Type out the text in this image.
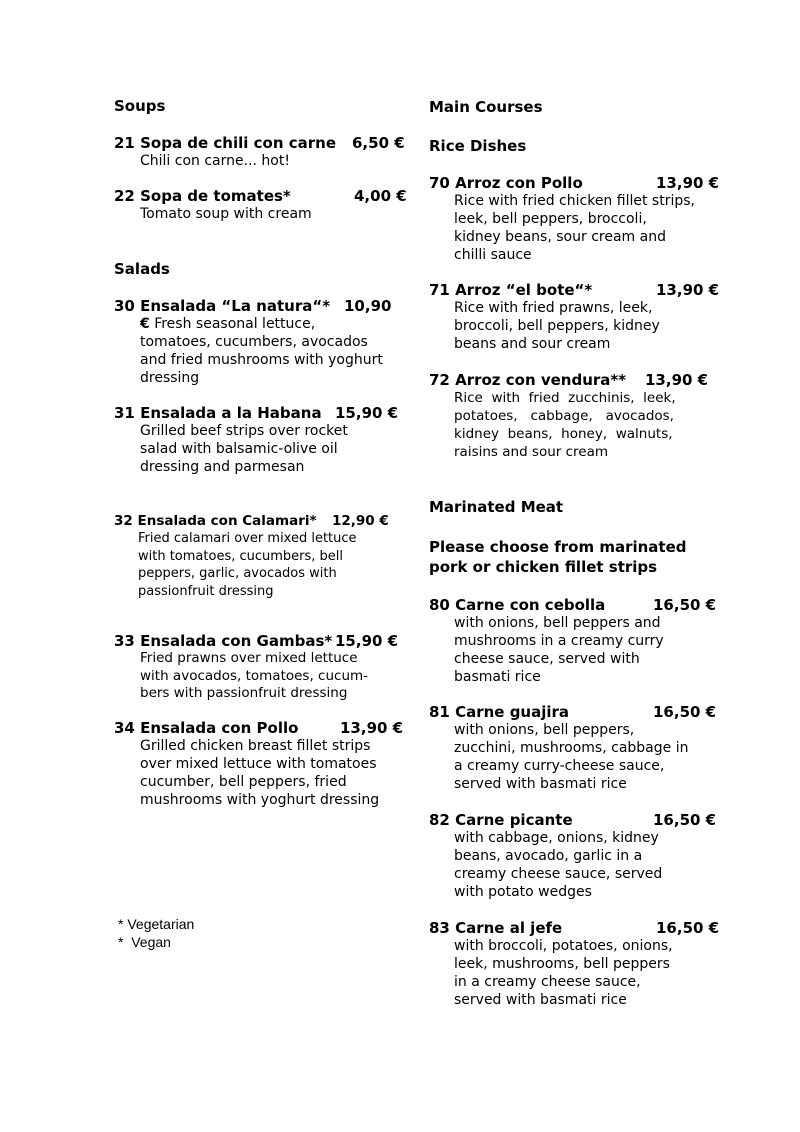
Soups
21 Sopa de chili con carne 6,50 €
Chili con carne... hot!
22 Sopa de tomates*	4,00 €
Tomato soup with cream
Salads
30 Ensalada “La natura“* 10,90
€ Fresh seasonal lettuce,
tomatoes, cucumbers, avocados
and fried mushrooms with yoghurt
dressing
31 Ensalada a la Habana 15,90 €
Grilled beef strips over rocket
salad with balsamic-olive oil
dressing and parmesan
32 Ensalada con Calamari* 12,90 €
Fried calamari over mixed lettuce
with tomatoes, cucumbers, bell
peppers, garlic, avocados with
passionfruit dressing
33 Ensalada con Gambas* 15,90 €
Fried prawns over mixed lettuce
with avocados, tomatoes, cucum-
bers with passionfruit dressing
34 Ensalada con Pollo	13,90 €
Grilled chicken breast fillet strips
over mixed lettuce with tomatoes
cucumber, bell peppers, fried
mushrooms with yoghurt dressing
* Vegetarian
*  Vegan
Main Courses
Rice Dishes
70 Arroz con Pollo	13,90 €
Rice with fried chicken fillet strips,
leek, bell peppers, broccoli,
kidney beans, sour cream and
chilli sauce
71 Arroz “el bote“*	13,90 €
Rice with fried prawns, leek,
broccoli, bell peppers, kidney
beans and sour cream
72 Arroz con vendura** 13,90 €
Rice  with  fried  zucchinis,  leek,
potatoes,   cabbage,   avocados,
kidney  beans,  honey,  walnuts,
raisins and sour cream
Marinated Meat
Please choose from marinated
pork or chicken fillet strips
80 Carne con cebolla	16,50 €
with onions, bell peppers and
mushrooms in a creamy curry
cheese sauce, served with
basmati rice
81 Carne guajira	16,50 €
with onions, bell peppers,
zucchini, mushrooms, cabbage in
a creamy curry-cheese sauce,
served with basmati rice
82 Carne picante	16,50 €
with cabbage, onions, kidney
beans, avocado, garlic in a
creamy cheese sauce, served
with potato wedges
83 Carne al jefe	16,50 €
with broccoli, potatoes, onions,
leek, mushrooms, bell peppers
in a creamy cheese sauce,
served with basmati rice
